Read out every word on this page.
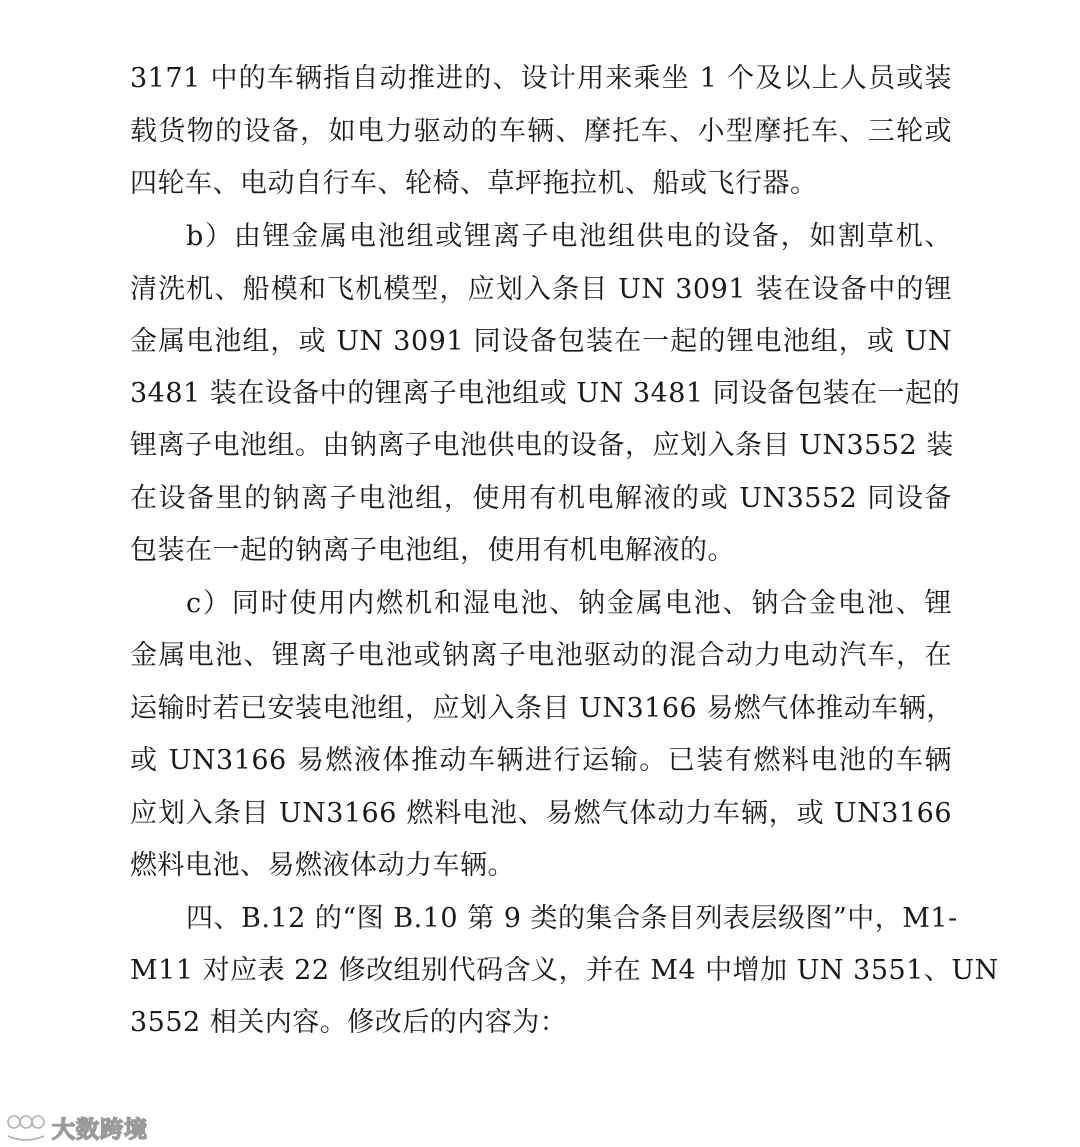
3171 中的车辆指自动推进的、设计用来乘坐 1 个及以上人员或装
载货物的设备，如电力驱动的车辆、摩托车、小型摩托车、三轮或
四轮车、电动自行车、轮椅、草坪拖拉机、船或飞行器。
b）由锂金属电池组或锂离子电池组供电的设备，如割草机、
清洗机、船模和飞机模型，应划入条目 UN 3091 装在设备中的锂
金属电池组，或 UN 3091 同设备包装在一起的锂电池组，或 UN
3481 装在设备中的锂离子电池组或 UN 3481 同设备包装在一起的
锂离子电池组。由钠离子电池供电的设备，应划入条目 UN3552 装
在设备里的钠离子电池组，使用有机电解液的或 UN3552 同设备
包装在一起的钠离子电池组，使用有机电解液的。
c）同时使用内燃机和湿电池、钠金属电池、钠合金电池、锂
金属电池、锂离子电池或钠离子电池驱动的混合动力电动汽车，在
运输时若已安装电池组，应划入条目 UN3166 易燃气体推动车辆，
或 UN3166 易燃液体推动车辆进行运输。已装有燃料电池的车辆
应划入条目 UN3166 燃料电池、易燃气体动力车辆，或 UN3166
燃料电池、易燃液体动力车辆。
四、B.12 的“图 B.10 第 9 类的集合条目列表层级图”中，M1-
M11 对应表 22 修改组别代码含义，并在 M4 中增加 UN 3551、UN
3552 相关内容。修改后的内容为：
大数跨境
